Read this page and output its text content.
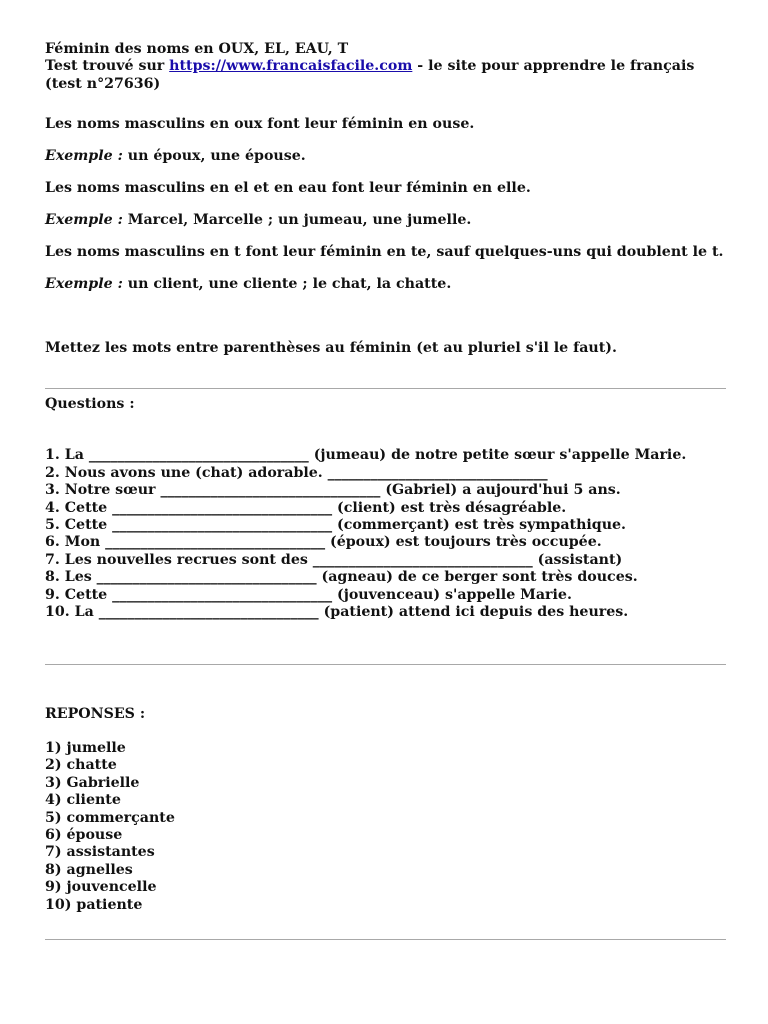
Féminin des noms en OUX, EL, EAU, T
Test trouvé sur https://www.francaisfacile.com - le site pour apprendre le français
(test n°27636)
Les noms masculins en oux font leur féminin en ouse.
Exemple : un époux, une épouse.
Les noms masculins en el et en eau font leur féminin en elle.
Exemple : Marcel, Marcelle ; un jumeau, une jumelle.
Les noms masculins en t font leur féminin en te, sauf quelques-uns qui doublent le t.
Exemple : un client, une cliente ; le chat, la chatte.
Mettez les mots entre parenthèses au féminin (et au pluriel s'il le faut).
Questions :
1. La _______________________________ (jumeau) de notre petite sœur s'appelle Marie.
2. Nous avons une (chat) adorable. _______________________________
3. Notre sœur _______________________________ (Gabriel) a aujourd'hui 5 ans.
4. Cette _______________________________ (client) est très désagréable.
5. Cette _______________________________ (commerçant) est très sympathique.
6. Mon _______________________________ (époux) est toujours très occupée.
7. Les nouvelles recrues sont des _______________________________ (assistant)
8. Les _______________________________ (agneau) de ce berger sont très douces.
9. Cette _______________________________ (jouvenceau) s'appelle Marie.
10. La _______________________________ (patient) attend ici depuis des heures.
REPONSES :
1) jumelle
2) chatte
3) Gabrielle
4) cliente
5) commerçante
6) épouse
7) assistantes
8) agnelles
9) jouvencelle
10) patiente
